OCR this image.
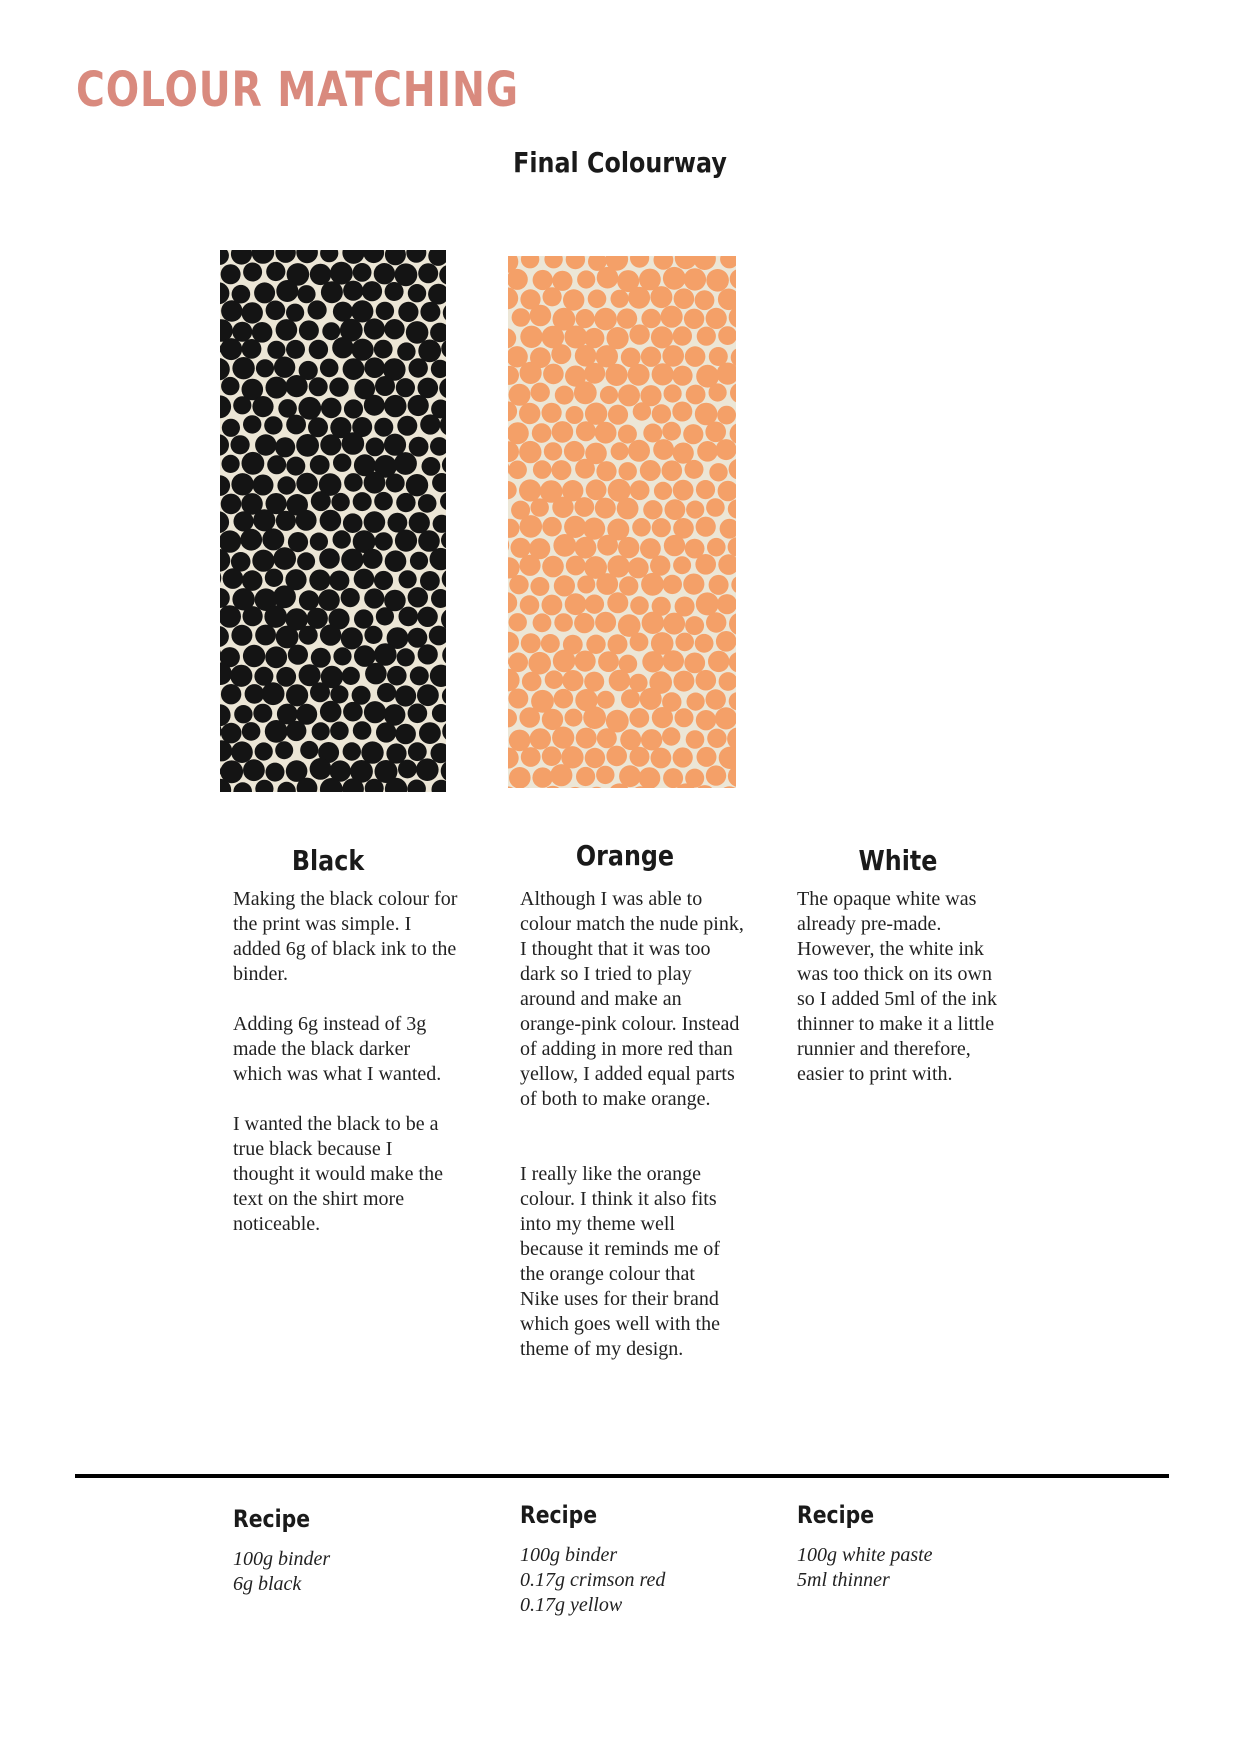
COLOUR MATCHING
Final Colourway
Black	Orange	White

Making the black colour for the print was simple. I added 6g of black ink to the binder.

Adding 6g instead of 3g made the black darker which was what I wanted.

I wanted the black to be a true black because I thought it would make the text on the shirt more noticeable.

Although I was able to colour match the nude pink, I thought that it was too dark so I tried to play around and make an orange-pink colour. Instead of adding in more red than yellow, I added equal parts of both to make orange.

I really like the orange colour. I think it also fits into my theme well because it reminds me of the orange colour that Nike uses for their brand which goes well with the theme of my design.

The opaque white was already pre-made. However, the white ink was too thick on its own so I added 5ml of the ink thinner to make it a little runnier and therefore, easier to print with.

Recipe
100g binder
6g black
Recipe
100g binder
0.17g crimson red
0.17g yellow
Recipe
100g white paste
5ml thinner
